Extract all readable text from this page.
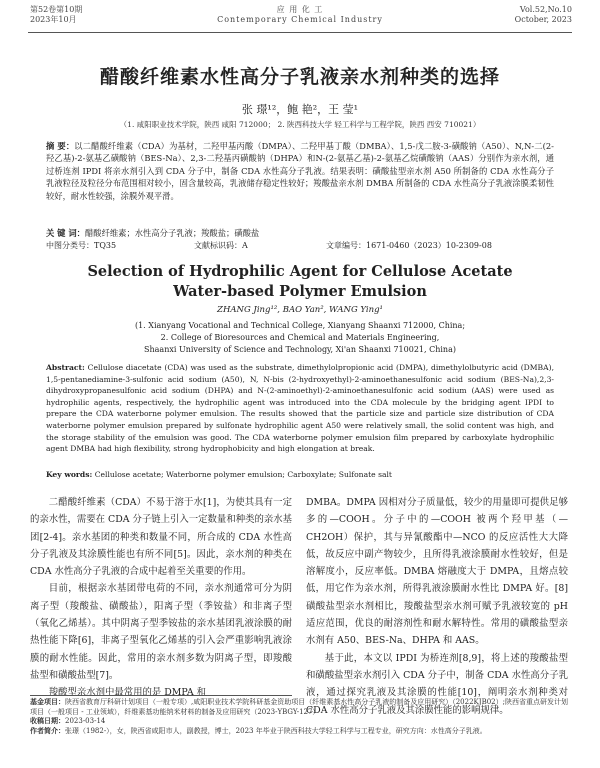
第52卷第10期
2023年10月
应 用 化 工
Contemporary Chemical Industry
Vol.52,No.10
October, 2023
醋酸纤维素水性高分子乳液亲水剂种类的选择
张 璟¹²，鲍 艳²，王 莹¹
（1. 咸阳职业技术学院，陕西 咸阳 712000； 2. 陕西科技大学 轻工科学与工程学院，陕西 西安 710021）
摘 要：以二醋酸纤维素（CDA）为基材，二羟甲基丙酸（DMPA）、二羟甲基丁酸（DMBA）、1,5-戊二胺-3-磺酸钠（A50）、N,N-二(2-羟乙基)-2-氨基乙磺酸钠（BES-Na）、2,3-二羟基丙磺酸钠（DHPA）和N-(2-氨基乙基)-2-氨基乙烷磺酸钠（AAS）分别作为亲水剂，通过桥连剂 IPDI 将亲水剂引入到 CDA 分子中，制备 CDA 水性高分子乳液。结果表明：磺酸盐型亲水剂 A50 所制备的 CDA 水性高分子乳液粒径及粒径分布范围相对较小，固含量较高，乳液储存稳定性较好；羧酸盐亲水剂 DMBA 所制备的 CDA 水性高分子乳液涂膜柔韧性较好，耐水性较强，涂膜外观平滑。
关 键 词：醋酸纤维素；水性高分子乳液；羧酸盐；磺酸盐
中图分类号：TQ35	文献标识码：A	文章编号：1671-0460（2023）10-2309-08
Selection of Hydrophilic Agent for Cellulose Acetate
Water-based Polymer Emulsion
ZHANG Jing¹², BAO Yan², WANG Ying¹
(1. Xianyang Vocational and Technical College, Xianyang Shaanxi 712000, China;
2. College of Bioresources and Chemical and Materials Engineering,
Shaanxi University of Science and Technology, Xi'an Shaanxi 710021, China)
Abstract: Cellulose diacetate (CDA) was used as the substrate, dimethylolpropionic acid (DMPA), dimethylolbutyric acid (DMBA), 1,5-pentanediamine-3-sulfonic acid sodium (A50), N, N-bis (2-hydroxyethyl)-2-aminoethanesulfonic acid sodium (BES-Na),2,3-dihydroxypropanesulfonic acid sodium (DHPA) and N-(2-aminoethyl)-2-aminoethanesulfonic acid sodium (AAS) were used as hydrophilic agents, respectively, the hydrophilic agent was introduced into the CDA molecule by the bridging agent IPDI to prepare the CDA waterborne polymer emulsion. The results showed that the particle size and particle size distribution of CDA waterborne polymer emulsion prepared by sulfonate hydrophilic agent A50 were relatively small, the solid content was high, and the storage stability of the emulsion was good. The CDA waterborne polymer emulsion film prepared by carboxylate hydrophilic agent DMBA had high flexibility, strong hydrophobicity and high elongation at break.
Key words: Cellulose acetate; Waterborne polymer emulsion; Carboxylate; Sulfonate salt

二醋酸纤维素（CDA）不易于溶于水[1]，为使其具有一定的亲水性，需要在 CDA 分子链上引入一定数量和种类的亲水基团[2-4]。亲水基团的种类和数量不同，所合成的 CDA 水性高分子乳液及其涂膜性能也有所不同[5]。因此，亲水剂的种类在 CDA 水性高分子乳液的合成中起着至关重要的作用。

目前，根据亲水基团带电荷的不同，亲水剂通常可分为阴离子型（羧酸盐、磺酸盐），阳离子型（季铵盐）和非离子型（氧化乙烯基）。其中阴离子型季铵盐的亲水基团乳液涂膜的耐热性能下降[6]，非离子型氧化乙烯基的引入会严重影响乳液涂膜的耐水性能。因此，常用的亲水剂多数为阴离子型，即羧酸盐型和磺酸盐型[7]。

羧酸型亲水剂中最常用的是 DMPA 和

DMBA。DMPA 因相对分子质量低，较少的用量即可提供足够多的—COOH。分子中的—COOH 被两个羟甲基（—CH2OH）保护，其与异氰酸酯中—NCO 的反应活性大大降低，故反应中副产物较少，且所得乳液涂膜耐水性较好，但是溶解度小，反应率低。DMBA 熔融度大于 DMPA，且熔点较低，用它作为亲水剂，所得乳液涂膜耐水性比 DMPA 好。[8]磺酸盐型亲水剂相比，羧酸盐型亲水剂可赋予乳液较宽的 pH 适应范围，优良的耐溶剂性和耐水解特性。常用的磺酸盐型亲水剂有 A50、BES-Na、DHPA 和 AAS。

基于此，本文以 IPDI 为桥连剂[8,9]，将上述的羧酸盐型和磺酸盐型亲水剂引入 CDA 分子中，制备 CDA 水性高分子乳液，通过探究乳液及其涂膜的性能[10]，阐明亲水剂种类对 CDA 水性高分子乳液及其涂膜性能的影响规律。

基金项目：陕西省教育厅科研计划项目（一般专项）,咸阳职业技术学院科研基金资助项目（纤维素基水性高分子乳液的制备及应用研究）（2022KJB02）;陕西省重点研发计划项目（一般项目 - 工业领域），纤维素基功能纳米材料的制备及应用研究（2023-YBGY-127）
收稿日期：2023-03-14
作者简介：张璟（1982-），女，陕西省咸阳市人，副教授，博士，2023 年毕业于陕西科技大学轻工科学与工程专业，研究方向：水性高分子乳液。
